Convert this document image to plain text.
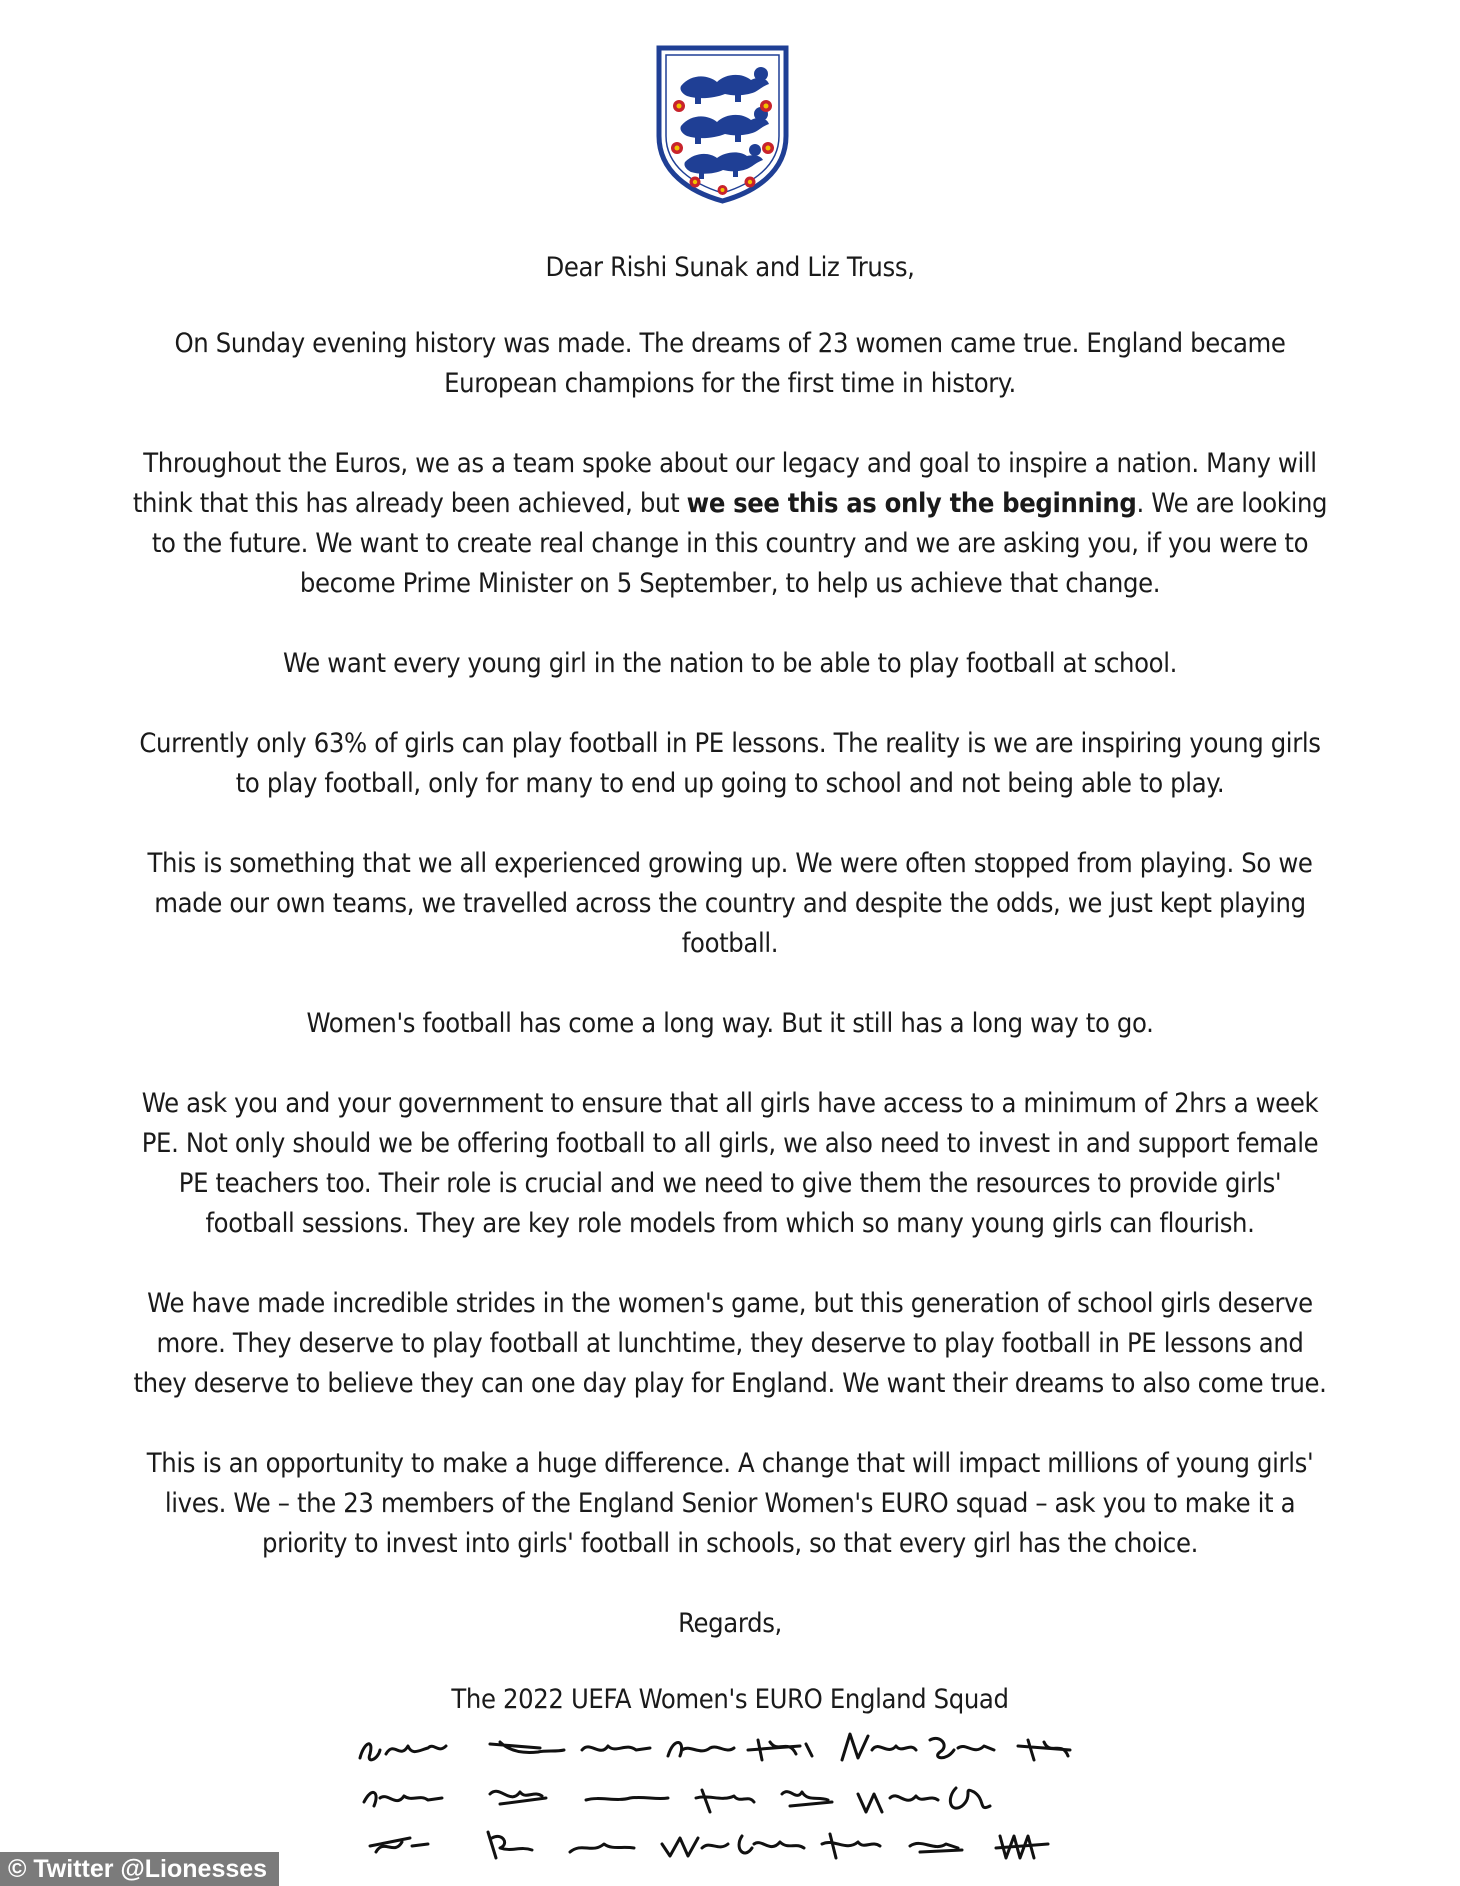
Dear Rishi Sunak and Liz Truss,

On Sunday evening history was made. The dreams of 23 women came true. England became European champions for the first time in history.

Throughout the Euros, we as a team spoke about our legacy and goal to inspire a nation. Many will think that this has already been achieved, but we see this as only the beginning. We are looking to the future. We want to create real change in this country and we are asking you, if you were to become Prime Minister on 5 September, to help us achieve that change.

We want every young girl in the nation to be able to play football at school.

Currently only 63% of girls can play football in PE lessons. The reality is we are inspiring young girls to play football, only for many to end up going to school and not being able to play.

This is something that we all experienced growing up. We were often stopped from playing. So we made our own teams, we travelled across the country and despite the odds, we just kept playing football.

Women's football has come a long way. But it still has a long way to go.

We ask you and your government to ensure that all girls have access to a minimum of 2hrs a week PE. Not only should we be offering football to all girls, we also need to invest in and support female PE teachers too. Their role is crucial and we need to give them the resources to provide girls' football sessions. They are key role models from which so many young girls can flourish.

We have made incredible strides in the women's game, but this generation of school girls deserve more. They deserve to play football at lunchtime, they deserve to play football in PE lessons and they deserve to believe they can one day play for England. We want their dreams to also come true.

This is an opportunity to make a huge difference. A change that will impact millions of young girls' lives. We – the 23 members of the England Senior Women's EURO squad – ask you to make it a priority to invest into girls' football in schools, so that every girl has the choice.

Regards,

The 2022 UEFA Women's EURO England Squad

© Twitter @Lionesses
